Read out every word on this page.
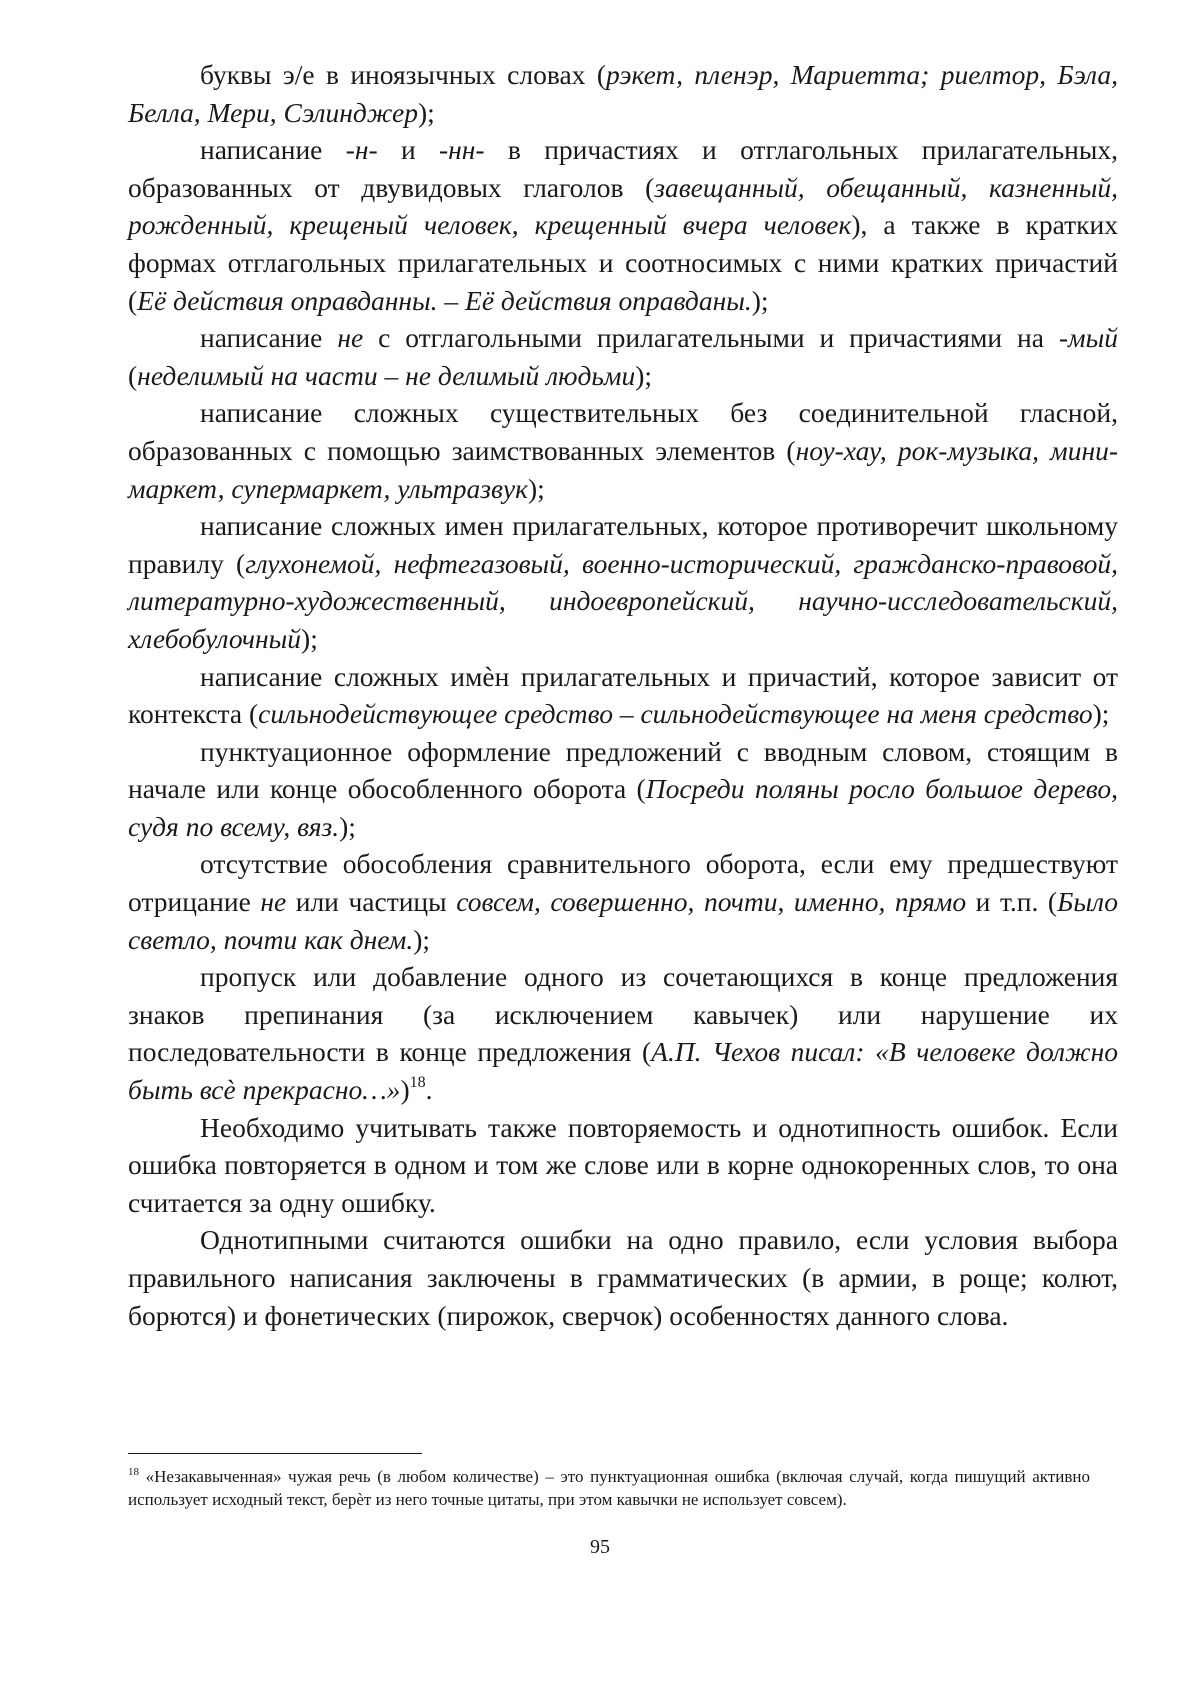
буквы э/е в иноязычных словах (рэкет, пленэр, Мариетта; риелтор, Бэла, Белла, Мери, Сэлинджер);

написание -н- и -нн- в причастиях и отглагольных прилагательных, образованных от двувидовых глаголов (завещанный, обещанный, казненный, рожденный, крещеный человек, крещенный вчера человек), а также в кратких формах отглагольных прилагательных и соотносимых с ними кратких причастий (Её действия оправданны. – Её действия оправданы.);

написание не с отглагольными прилагательными и причастиями на -мый (неделимый на части – не делимый людьми);

написание сложных существительных без соединительной гласной, образованных с помощью заимствованных элементов (ноу-хау, рок-музыка, мини-маркет, супермаркет, ультразвук);

написание сложных имен прилагательных, которое противоречит школьному правилу (глухонемой, нефтегазовый, военно-исторический, гражданско-правовой, литературно-художественный, индоевропейский, научно-исследовательский, хлебобулочный);

написание сложных имѐн прилагательных и причастий, которое зависит от контекста (сильнодействующее средство – сильнодействующее на меня средство);

пунктуационное оформление предложений с вводным словом, стоящим в начале или конце обособленного оборота (Посреди поляны росло большое дерево, судя по всему, вяз.);

отсутствие обособления сравнительного оборота, если ему предшествуют отрицание не или частицы совсем, совершенно, почти, именно, прямо и т.п. (Было светло, почти как днем.);

пропуск или добавление одного из сочетающихся в конце предложения знаков препинания (за исключением кавычек) или нарушение их последовательности в конце предложения (А.П. Чехов писал: «В человеке должно быть всѐ прекрасно…»)$^{18}$.

Необходимо учитывать также повторяемость и однотипность ошибок. Если ошибка повторяется в одном и том же слове или в корне однокоренных слов, то она считается за одну ошибку.

Однотипными считаются ошибки на одно правило, если условия выбора правильного написания заключены в грамматических (в армии, в роще; колют, борются) и фонетических (пирожок, сверчок) особенностях данного слова.

$^{18}$ «Незакавыченная» чужая речь (в любом количестве) – это пунктуационная ошибка (включая случай, когда пишущий активно использует исходный текст, берѐт из него точные цитаты, при этом кавычки не использует совсем).

95
